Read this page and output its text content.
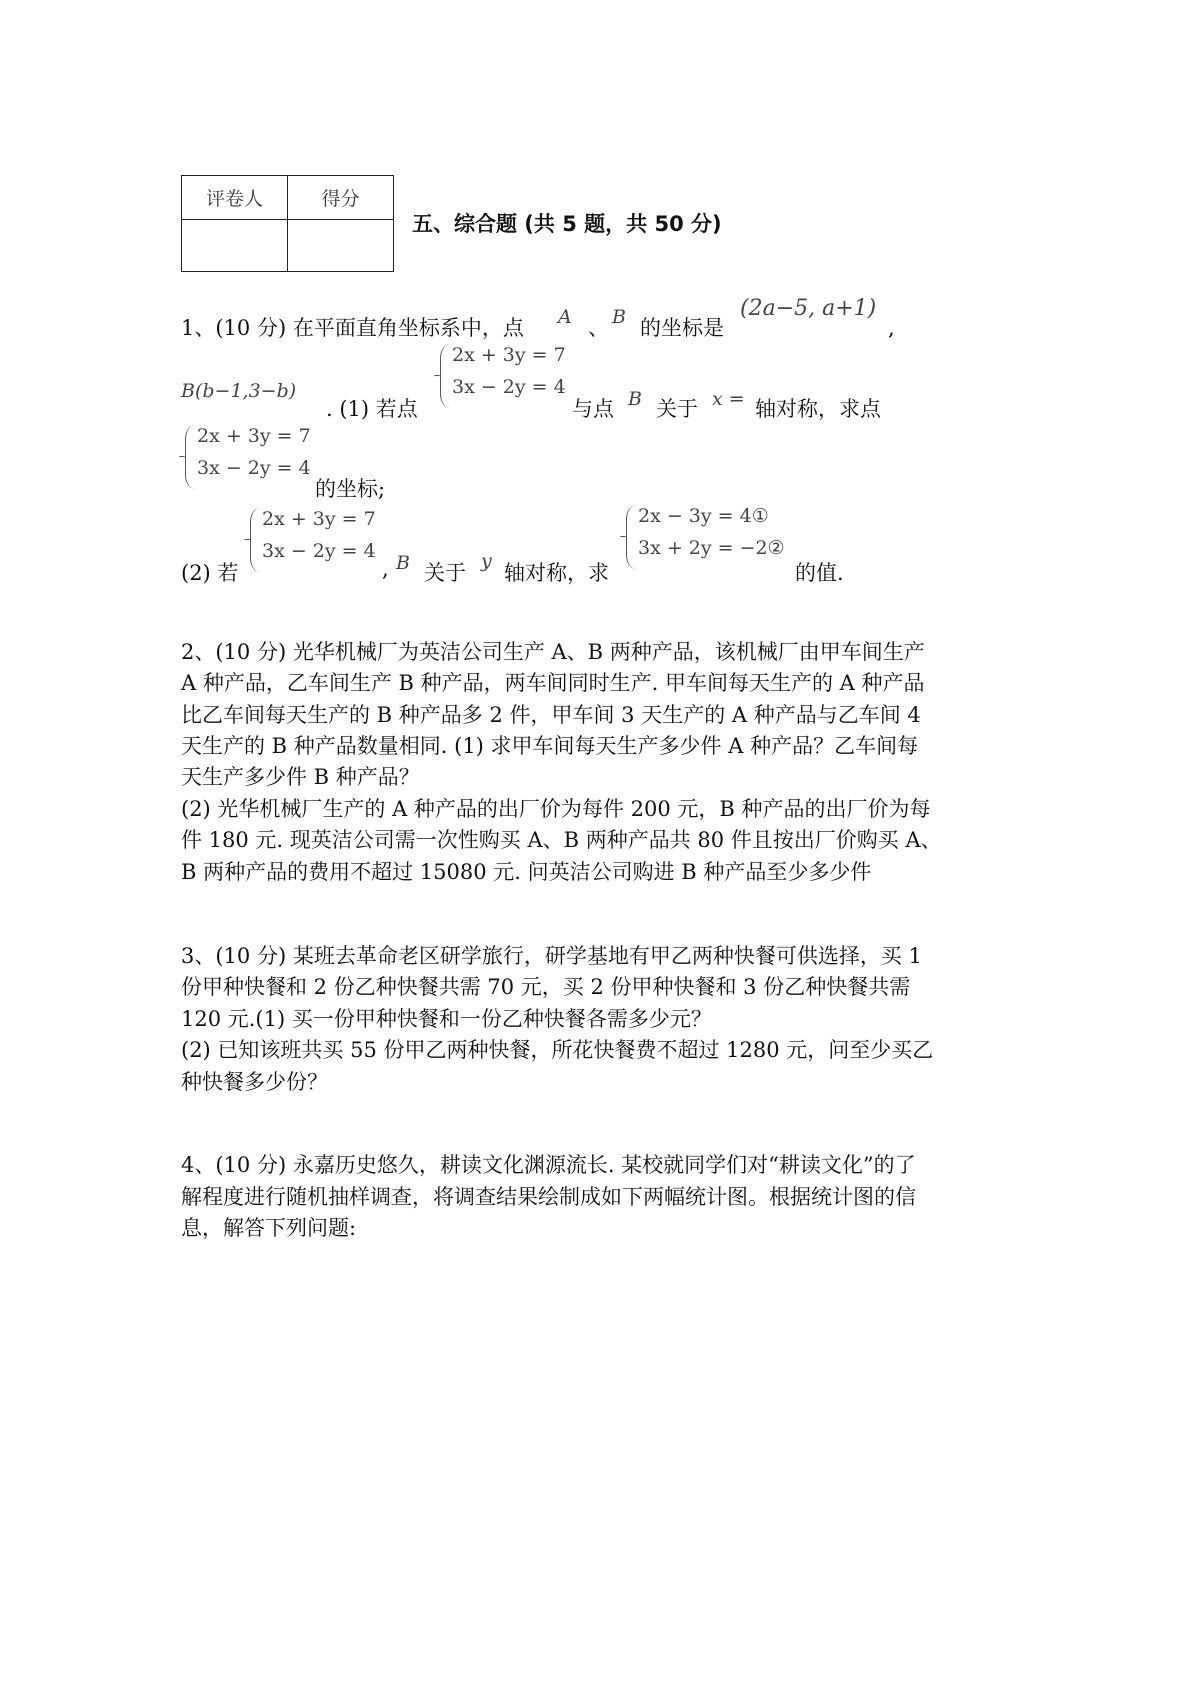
评卷人	得分

五、综合题 (共 5 题，共 50 分)
1、(10 分) 在平面直角坐标系中，点 A 、 B 的坐标是
(2a−5, a+1)
,
B(b−1,3−b)
. (1) 若点
2x + 3y = 7
3x − 2y = 4
与点 B 关于 x = 轴对称，求点
2x + 3y = 7
3x − 2y = 4
的坐标;
(2) 若
2x + 3y = 7
3x − 2y = 4
, B 关于 y 轴对称，求
2x − 3y = 4①
3x + 2y = −2②
的值.
2、(10 分) 光华机械厂为英洁公司生产 A、B 两种产品，该机械厂由甲车间生产
A 种产品，乙车间生产 B 种产品，两车间同时生产. 甲车间每天生产的 A 种产品
比乙车间每天生产的 B 种产品多 2 件，甲车间 3 天生产的 A 种产品与乙车间 4
天生产的 B 种产品数量相同. (1) 求甲车间每天生产多少件 A 种产品？乙车间每
天生产多少件 B 种产品？
(2) 光华机械厂生产的 A 种产品的出厂价为每件 200 元，B 种产品的出厂价为每
件 180 元. 现英洁公司需一次性购买 A、B 两种产品共 80 件且按出厂价购买 A、
B 两种产品的费用不超过 15080 元. 问英洁公司购进 B 种产品至少多少件
3、(10 分) 某班去革命老区研学旅行，研学基地有甲乙两种快餐可供选择，买 1
份甲种快餐和 2 份乙种快餐共需 70 元，买 2 份甲种快餐和 3 份乙种快餐共需
120 元.(1) 买一份甲种快餐和一份乙种快餐各需多少元？
(2) 已知该班共买 55 份甲乙两种快餐，所花快餐费不超过 1280 元，问至少买乙
种快餐多少份？
4、(10 分) 永嘉历史悠久，耕读文化渊源流长. 某校就同学们对“耕读文化”的了
解程度进行随机抽样调查，将调查结果绘制成如下两幅统计图。根据统计图的信
息，解答下列问题:
